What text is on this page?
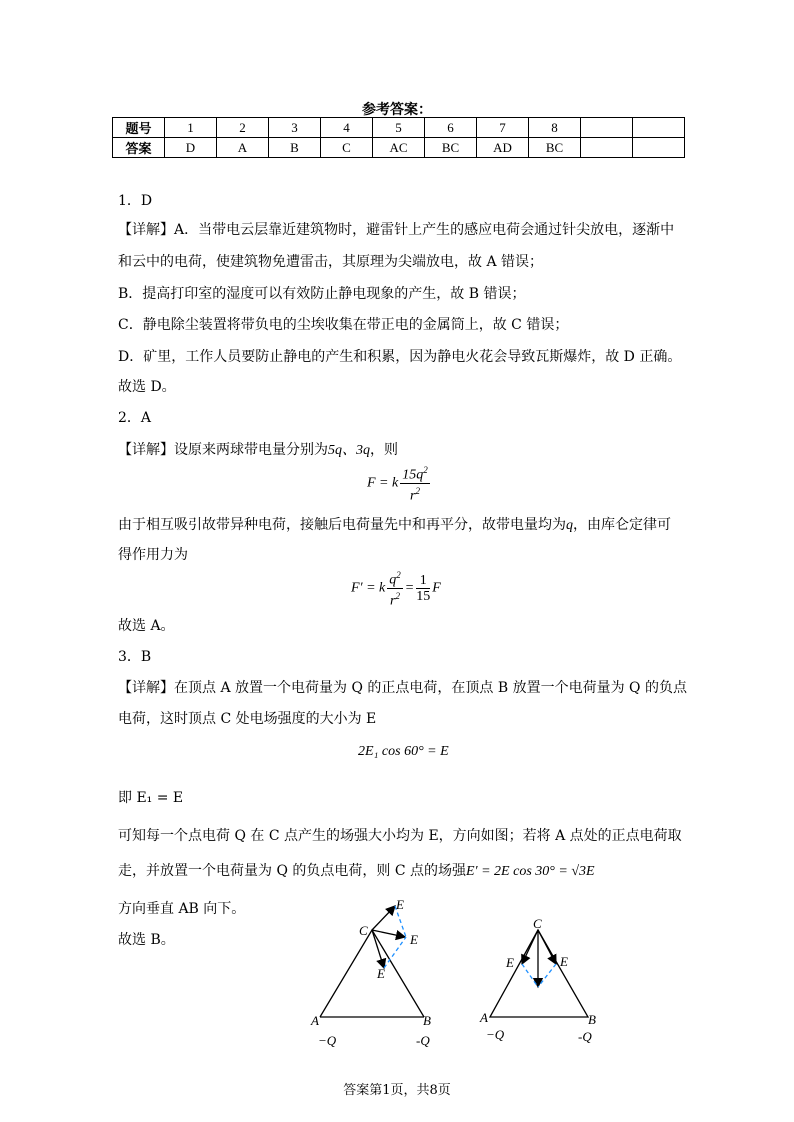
参考答案：
题号	1	2	3	4	5	6	7	8		
答案	D	A	B	C	AC	BC	AD	BC		
1．D
【详解】A．当带电云层靠近建筑物时，避雷针上产生的感应电荷会通过针尖放电，逐渐中
和云中的电荷，使建筑物免遭雷击，其原理为尖端放电，故 A 错误；
B．提高打印室的湿度可以有效防止静电现象的产生，故 B 错误；
C．静电除尘装置将带负电的尘埃收集在带正电的金属筒上，故 C 错误；
D．矿里，工作人员要防止静电的产生和积累，因为静电火花会导致瓦斯爆炸，故 D 正确。
故选 D。
2．A
【详解】设原来两球带电量分别为5q、3q，则
F = k $\frac{15q^2}{r^2}$
由于相互吸引故带异种电荷，接触后电荷量先中和再平分，故带电量均为q，由库仑定律可
得作用力为
F′ = k $\frac{q^2}{r^2} = \frac{1}{15}$ F
故选 A。
3．B
【详解】在顶点 A 放置一个电荷量为 Q 的正点电荷，在顶点 B 放置一个电荷量为 Q 的负点
电荷，这时顶点 C 处电场强度的大小为 E
2E₁ cos 60° = E
即 E₁ = E
可知每一个点电荷 Q 在 C 点产生的场强大小均为 E，方向如图；若将 A 点处的正点电荷取
走，并放置一个电荷量为 Q 的负点电荷，则 C 点的场强E′ = 2E cos 30° = √3E
方向垂直 AB 向下。
故选 B。
C
E
E
E
A	B
−Q	-Q
C
E	E
A	B
−Q	-Q
答案第1页，共8页
